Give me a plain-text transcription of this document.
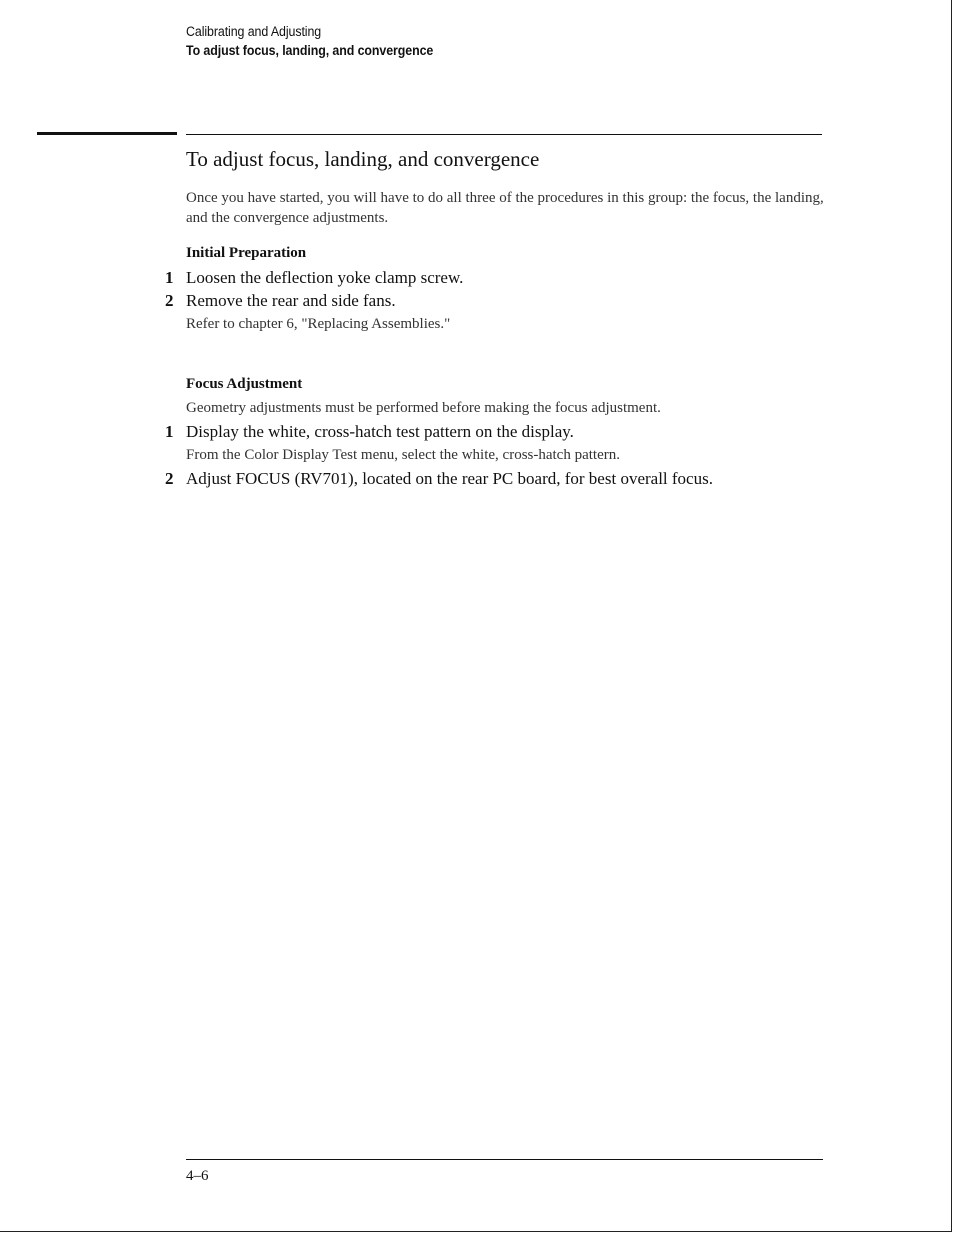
Calibrating and Adjusting
To adjust focus, landing, and convergence
To adjust focus, landing, and convergence
Once you have started, you will have to do all three of the procedures in this group: the focus, the landing, and the convergence adjustments.
Initial Preparation
1 Loosen the deflection yoke clamp screw.
2 Remove the rear and side fans.
Refer to chapter 6, "Replacing Assemblies."
Focus Adjustment
Geometry adjustments must be performed before making the focus adjustment.
1 Display the white, cross-hatch test pattern on the display.
From the Color Display Test menu, select the white, cross-hatch pattern.
2 Adjust FOCUS (RV701), located on the rear PC board, for best overall focus.
4–6
